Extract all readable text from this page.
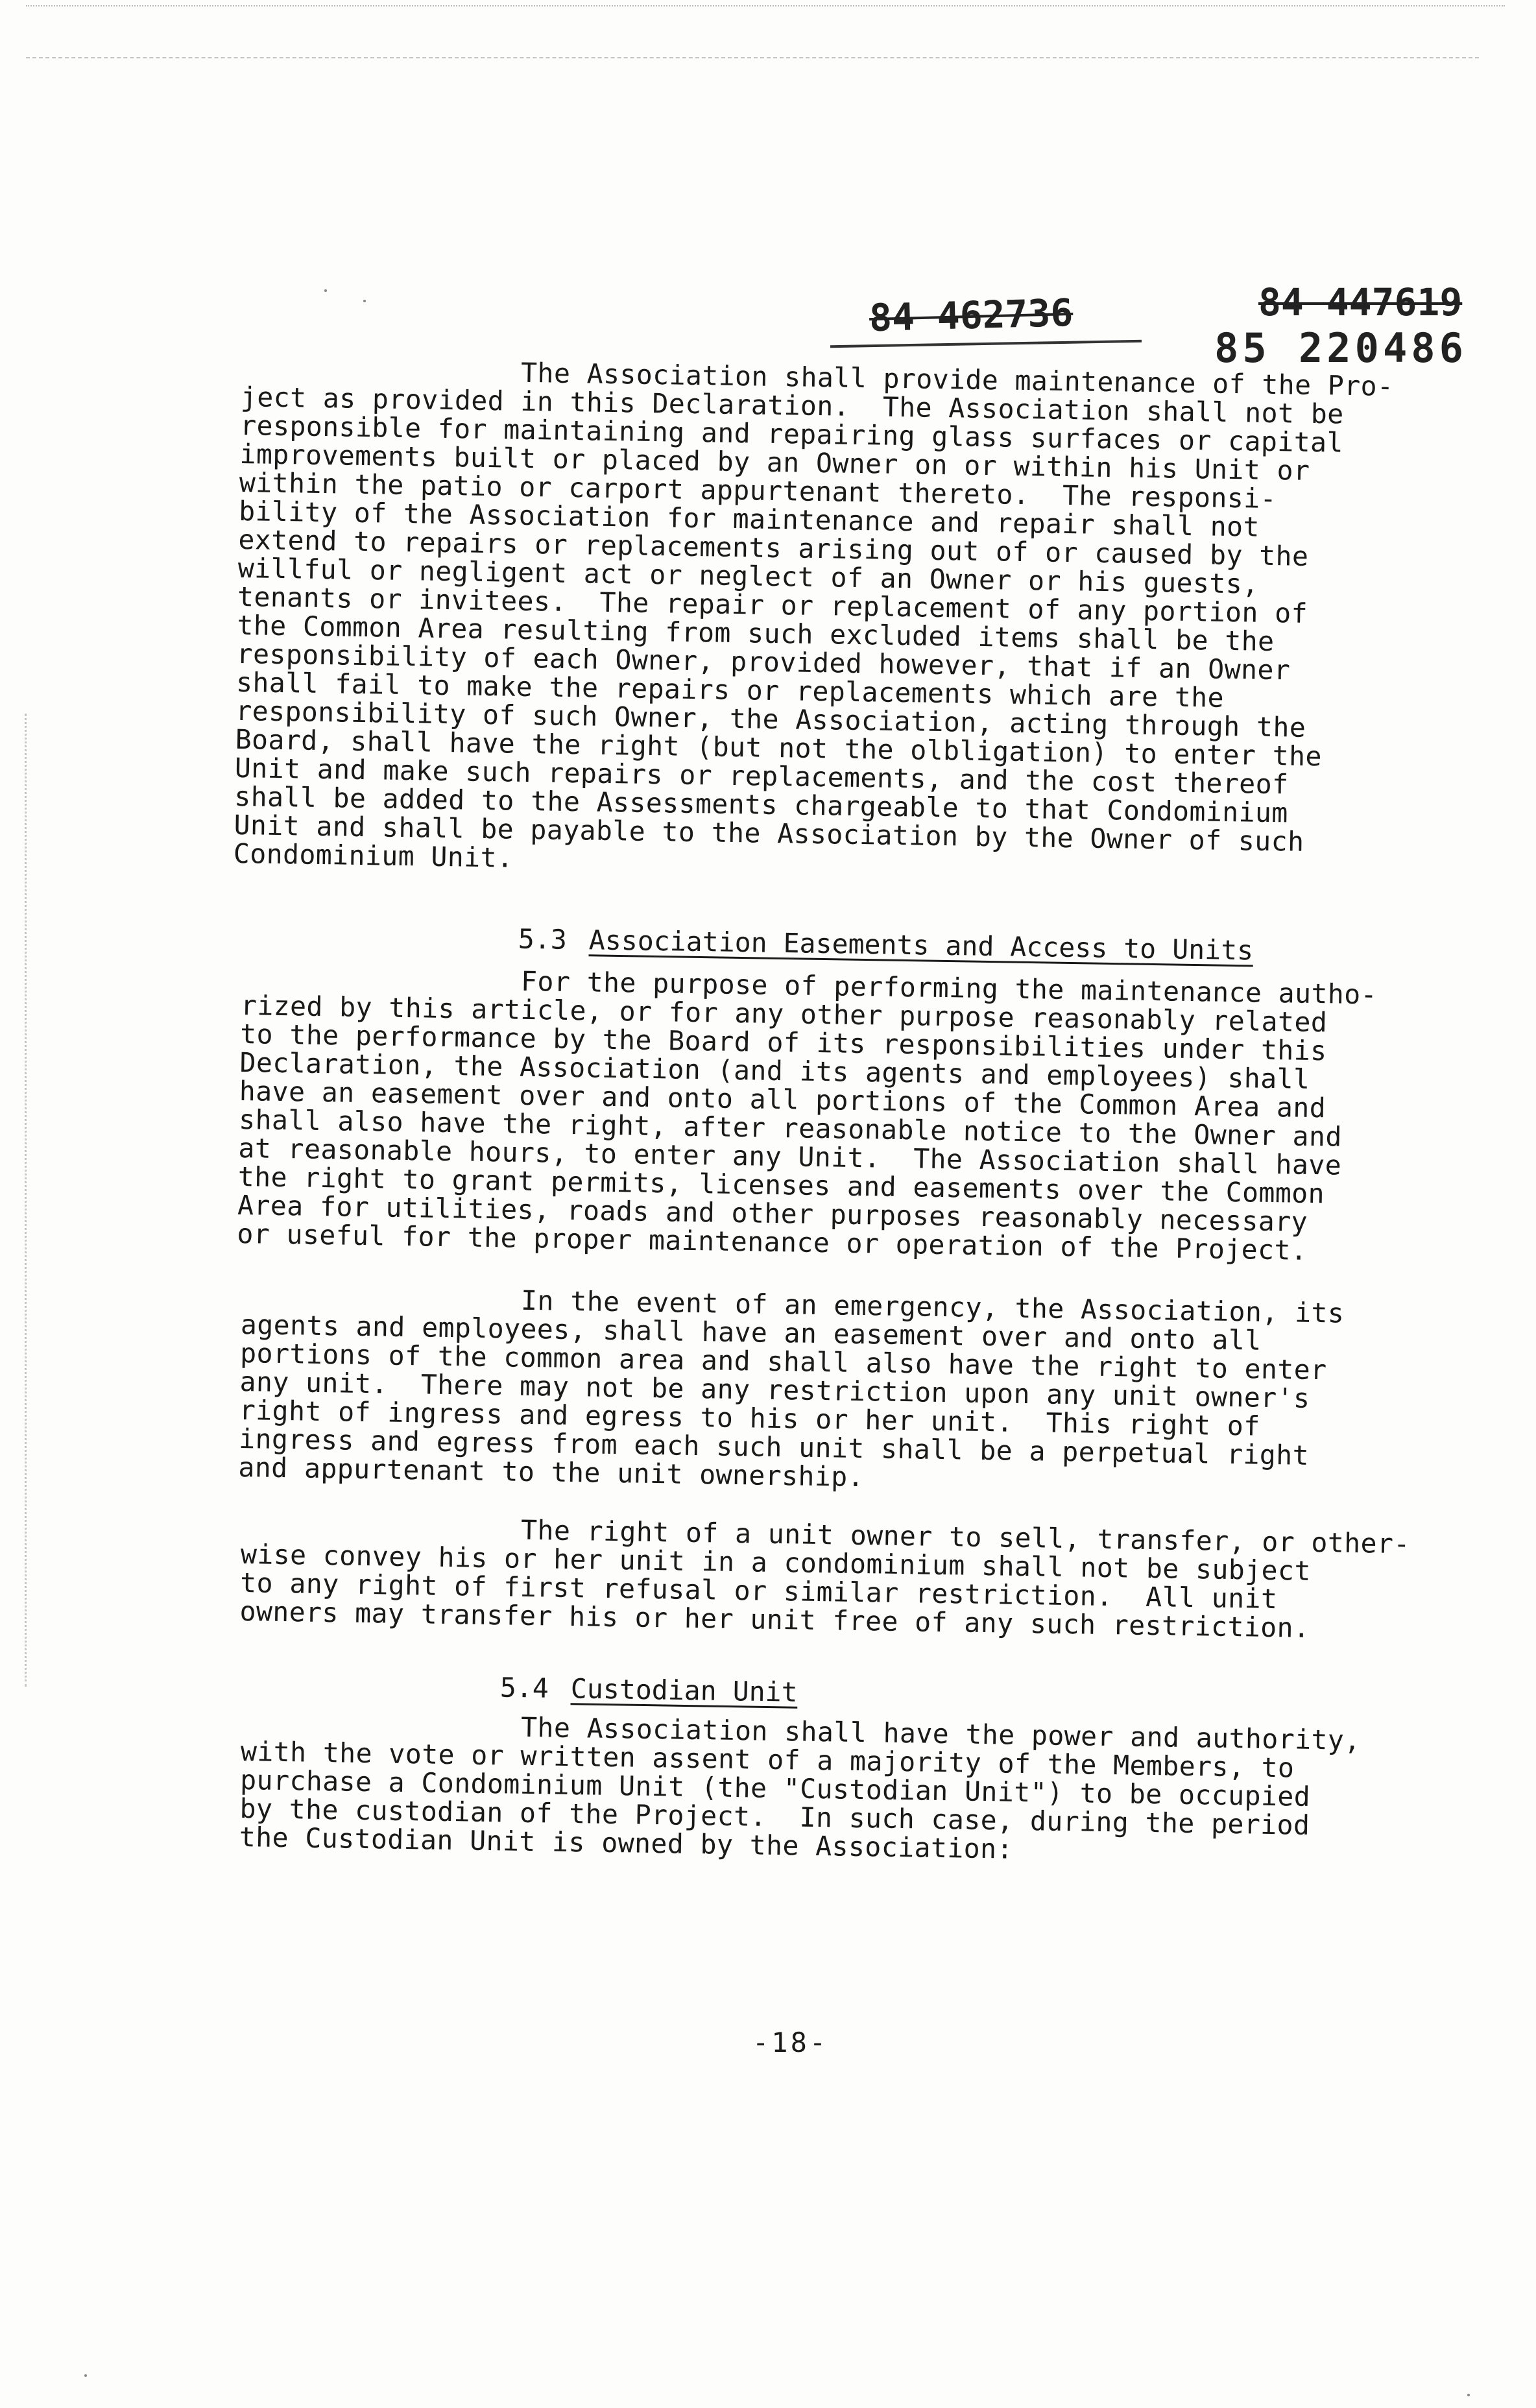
84 462736	84 447619
85 220486
The Association shall provide maintenance of the Pro-
ject as provided in this Declaration.  The Association shall not be
responsible for maintaining and repairing glass surfaces or capital
improvements built or placed by an Owner on or within his Unit or
within the patio or carport appurtenant thereto.  The responsi-
bility of the Association for maintenance and repair shall not
extend to repairs or replacements arising out of or caused by the
willful or negligent act or neglect of an Owner or his guests,
tenants or invitees.  The repair or replacement of any portion of
the Common Area resulting from such excluded items shall be the
responsibility of each Owner, provided however, that if an Owner
shall fail to make the repairs or replacements which are the
responsibility of such Owner, the Association, acting through the
Board, shall have the right (but not the olbligation) to enter the
Unit and make such repairs or replacements, and the cost thereof
shall be added to the Assessments chargeable to that Condominium
Unit and shall be payable to the Association by the Owner of such
Condominium Unit.

5.3 Association Easements and Access to Units

For the purpose of performing the maintenance autho-
rized by this article, or for any other purpose reasonably related
to the performance by the Board of its responsibilities under this
Declaration, the Association (and its agents and employees) shall
have an easement over and onto all portions of the Common Area and
shall also have the right, after reasonable notice to the Owner and
at reasonable hours, to enter any Unit.  The Association shall have
the right to grant permits, licenses and easements over the Common
Area for utilities, roads and other purposes reasonably necessary
or useful for the proper maintenance or operation of the Project.
In the event of an emergency, the Association, its
agents and employees, shall have an easement over and onto all
portions of the common area and shall also have the right to enter
any unit.  There may not be any restriction upon any unit owner's
right of ingress and egress to his or her unit.  This right of
ingress and egress from each such unit shall be a perpetual right
and appurtenant to the unit ownership.
The right of a unit owner to sell, transfer, or other-
wise convey his or her unit in a condominium shall not be subject
to any right of first refusal or similar restriction.  All unit
owners may transfer his or her unit free of any such restriction.

5.4 Custodian Unit

The Association shall have the power and authority,
with the vote or written assent of a majority of the Members, to
purchase a Condominium Unit (the "Custodian Unit") to be occupied
by the custodian of the Project.  In such case, during the period
the Custodian Unit is owned by the Association:
-18-
